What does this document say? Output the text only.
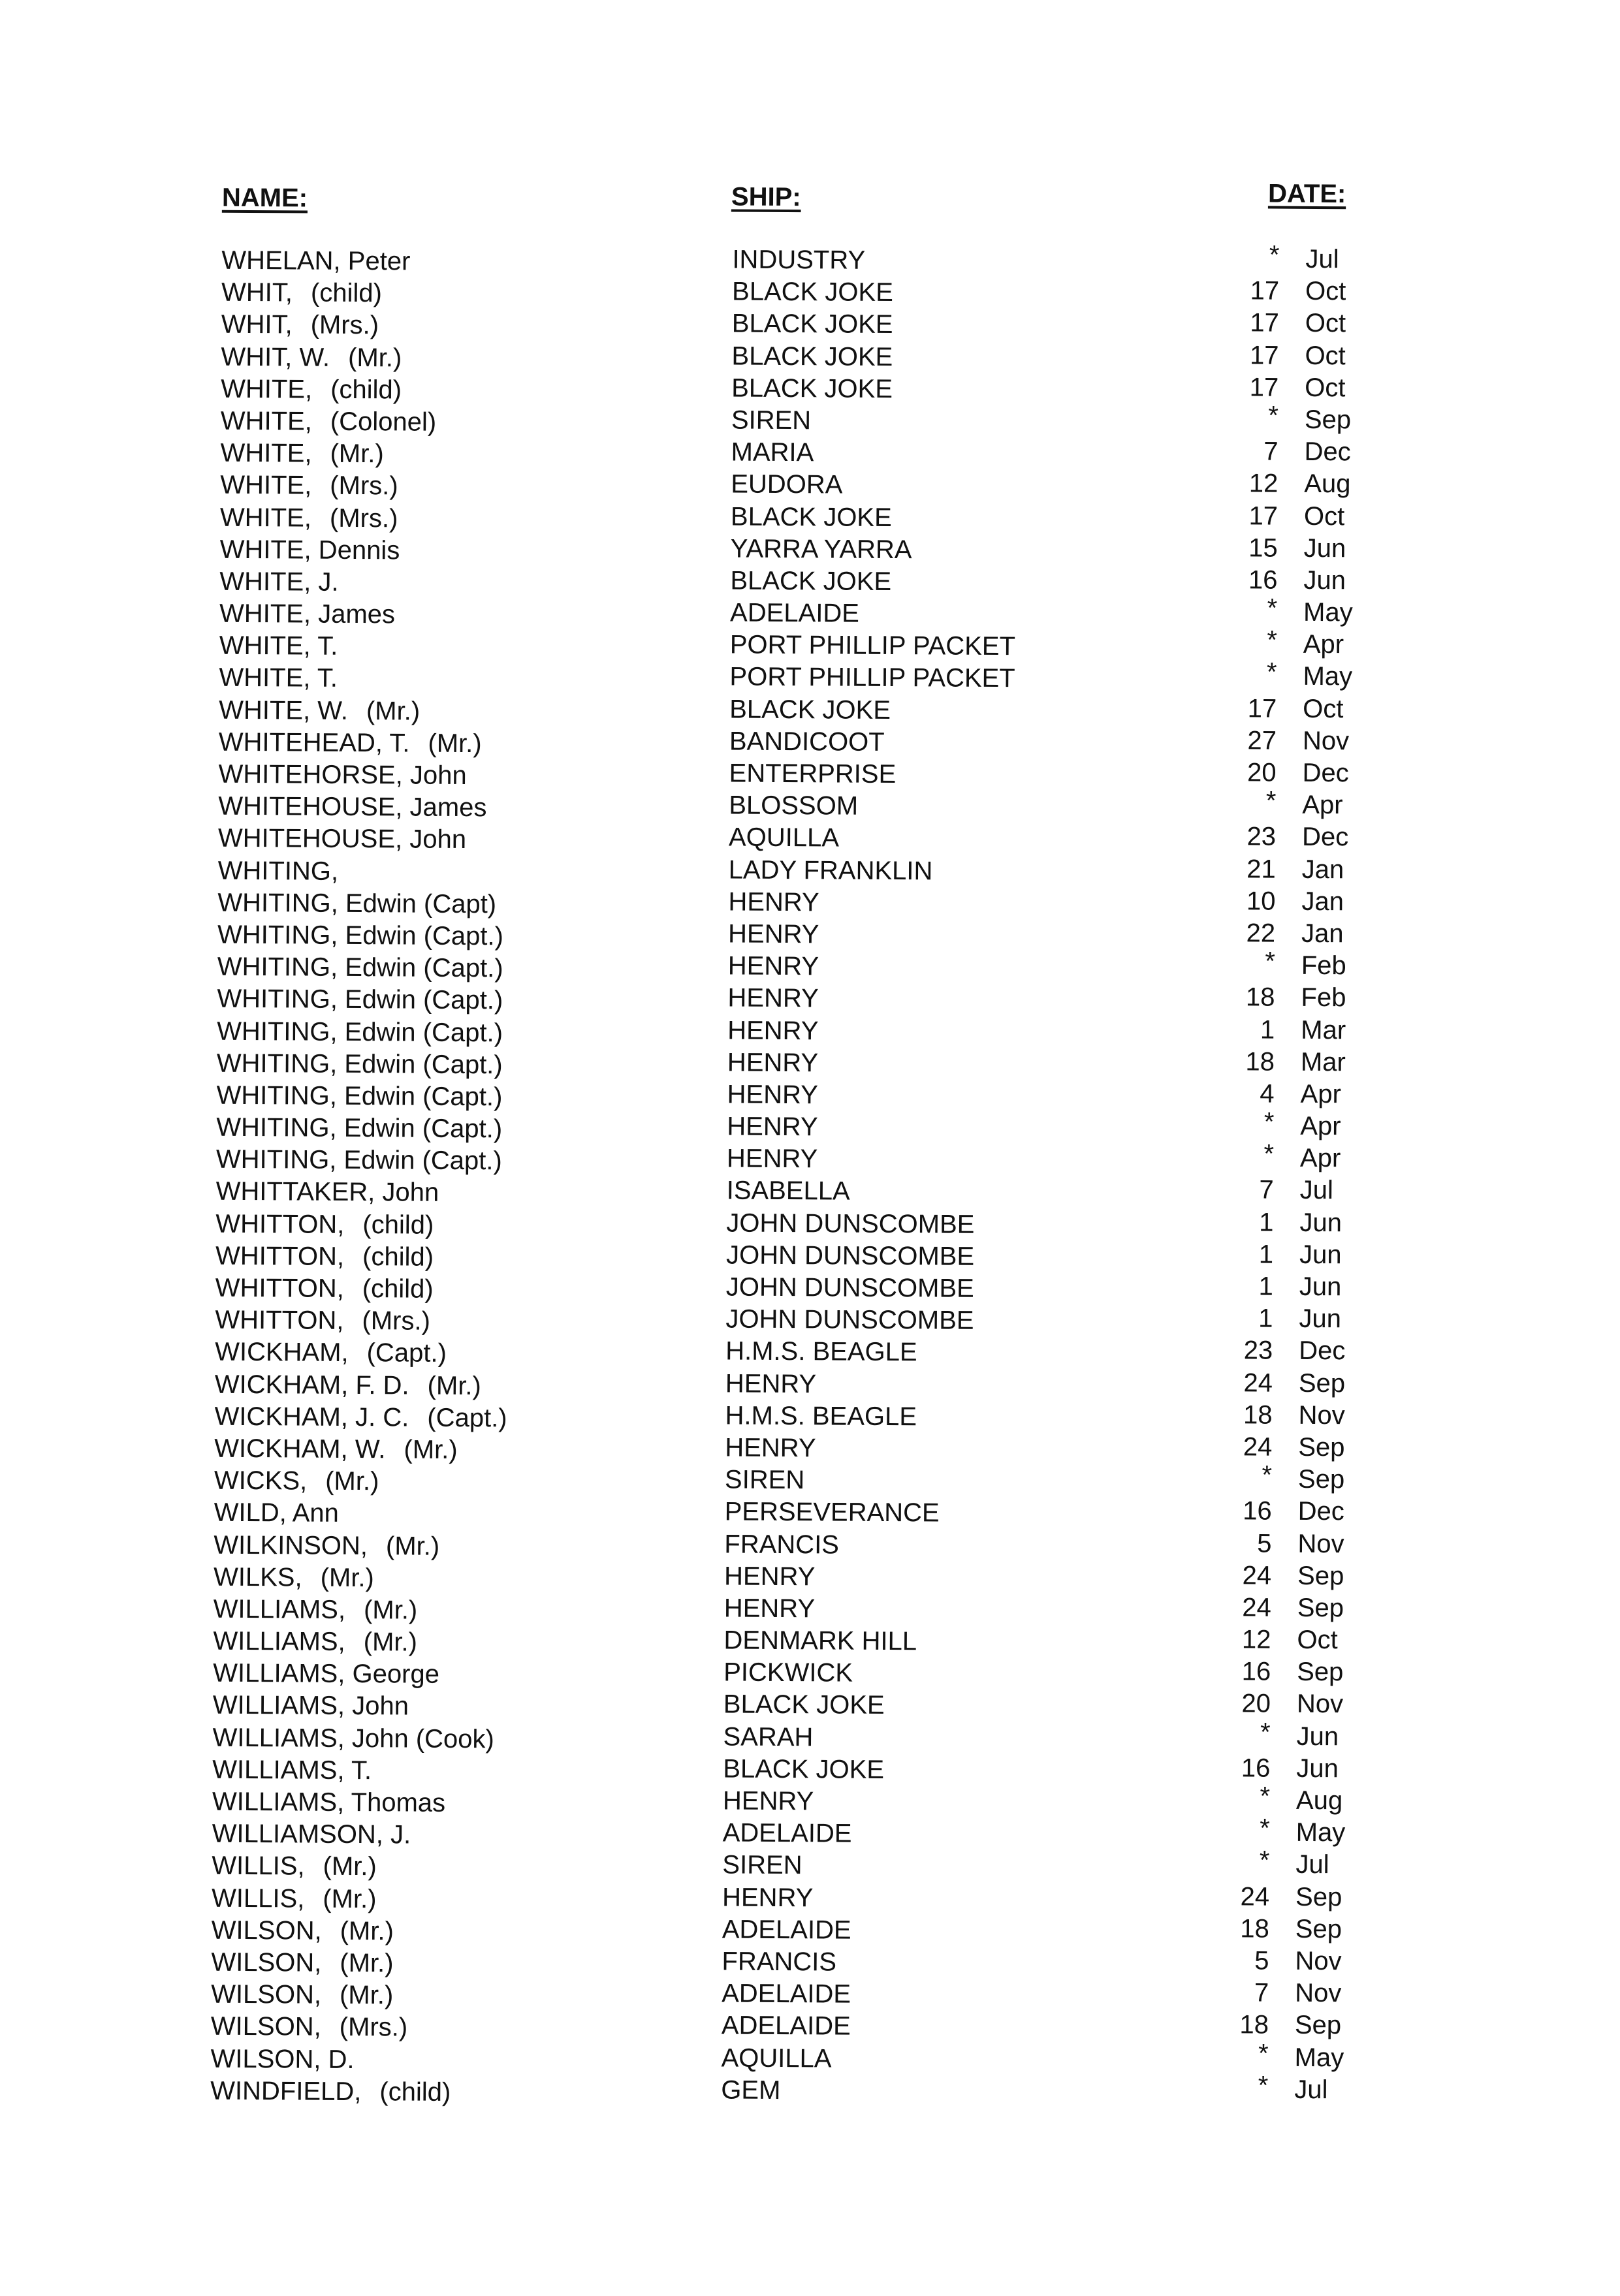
NAME:	SHIP:	DATE:
WHELAN, Peter	INDUSTRY	* Jul
WHIT, (child)	BLACK JOKE	17 Oct
WHIT, (Mrs.)	BLACK JOKE	17 Oct
WHIT, W. (Mr.)	BLACK JOKE	17 Oct
WHITE, (child)	BLACK JOKE	17 Oct
WHITE, (Colonel)	SIREN	* Sep
WHITE, (Mr.)	MARIA	7 Dec
WHITE, (Mrs.)	EUDORA	12 Aug
WHITE, (Mrs.)	BLACK JOKE	17 Oct
WHITE, Dennis	YARRA YARRA	15 Jun
WHITE, J.	BLACK JOKE	16 Jun
WHITE, James	ADELAIDE	* May
WHITE, T.	PORT PHILLIP PACKET	* Apr
WHITE, T.	PORT PHILLIP PACKET	* May
WHITE, W. (Mr.)	BLACK JOKE	17 Oct
WHITEHEAD, T. (Mr.)	BANDICOOT	27 Nov
WHITEHORSE, John	ENTERPRISE	20 Dec
WHITEHOUSE, James	BLOSSOM	* Apr
WHITEHOUSE, John	AQUILLA	23 Dec
WHITING,	LADY FRANKLIN	21 Jan
WHITING, Edwin (Capt)	HENRY	10 Jan
WHITING, Edwin (Capt.)	HENRY	22 Jan
WHITING, Edwin (Capt.)	HENRY	* Feb
WHITING, Edwin (Capt.)	HENRY	18 Feb
WHITING, Edwin (Capt.)	HENRY	1 Mar
WHITING, Edwin (Capt.)	HENRY	18 Mar
WHITING, Edwin (Capt.)	HENRY	4 Apr
WHITING, Edwin (Capt.)	HENRY	* Apr
WHITING, Edwin (Capt.)	HENRY	* Apr
WHITTAKER, John	ISABELLA	7 Jul
WHITTON, (child)	JOHN DUNSCOMBE	1 Jun
WHITTON, (child)	JOHN DUNSCOMBE	1 Jun
WHITTON, (child)	JOHN DUNSCOMBE	1 Jun
WHITTON, (Mrs.)	JOHN DUNSCOMBE	1 Jun
WICKHAM, (Capt.)	H.M.S. BEAGLE	23 Dec
WICKHAM, F. D. (Mr.)	HENRY	24 Sep
WICKHAM, J. C. (Capt.)	H.M.S. BEAGLE	18 Nov
WICKHAM, W. (Mr.)	HENRY	24 Sep
WICKS, (Mr.)	SIREN	* Sep
WILD, Ann	PERSEVERANCE	16 Dec
WILKINSON, (Mr.)	FRANCIS	5 Nov
WILKS, (Mr.)	HENRY	24 Sep
WILLIAMS, (Mr.)	HENRY	24 Sep
WILLIAMS, (Mr.)	DENMARK HILL	12 Oct
WILLIAMS, George	PICKWICK	16 Sep
WILLIAMS, John	BLACK JOKE	20 Nov
WILLIAMS, John (Cook)	SARAH	* Jun
WILLIAMS, T.	BLACK JOKE	16 Jun
WILLIAMS, Thomas	HENRY	* Aug
WILLIAMSON, J.	ADELAIDE	* May
WILLIS, (Mr.)	SIREN	* Jul
WILLIS, (Mr.)	HENRY	24 Sep
WILSON, (Mr.)	ADELAIDE	18 Sep
WILSON, (Mr.)	FRANCIS	5 Nov
WILSON, (Mr.)	ADELAIDE	7 Nov
WILSON, (Mrs.)	ADELAIDE	18 Sep
WILSON, D.	AQUILLA	* May
WINDFIELD, (child)	GEM	* Jul
